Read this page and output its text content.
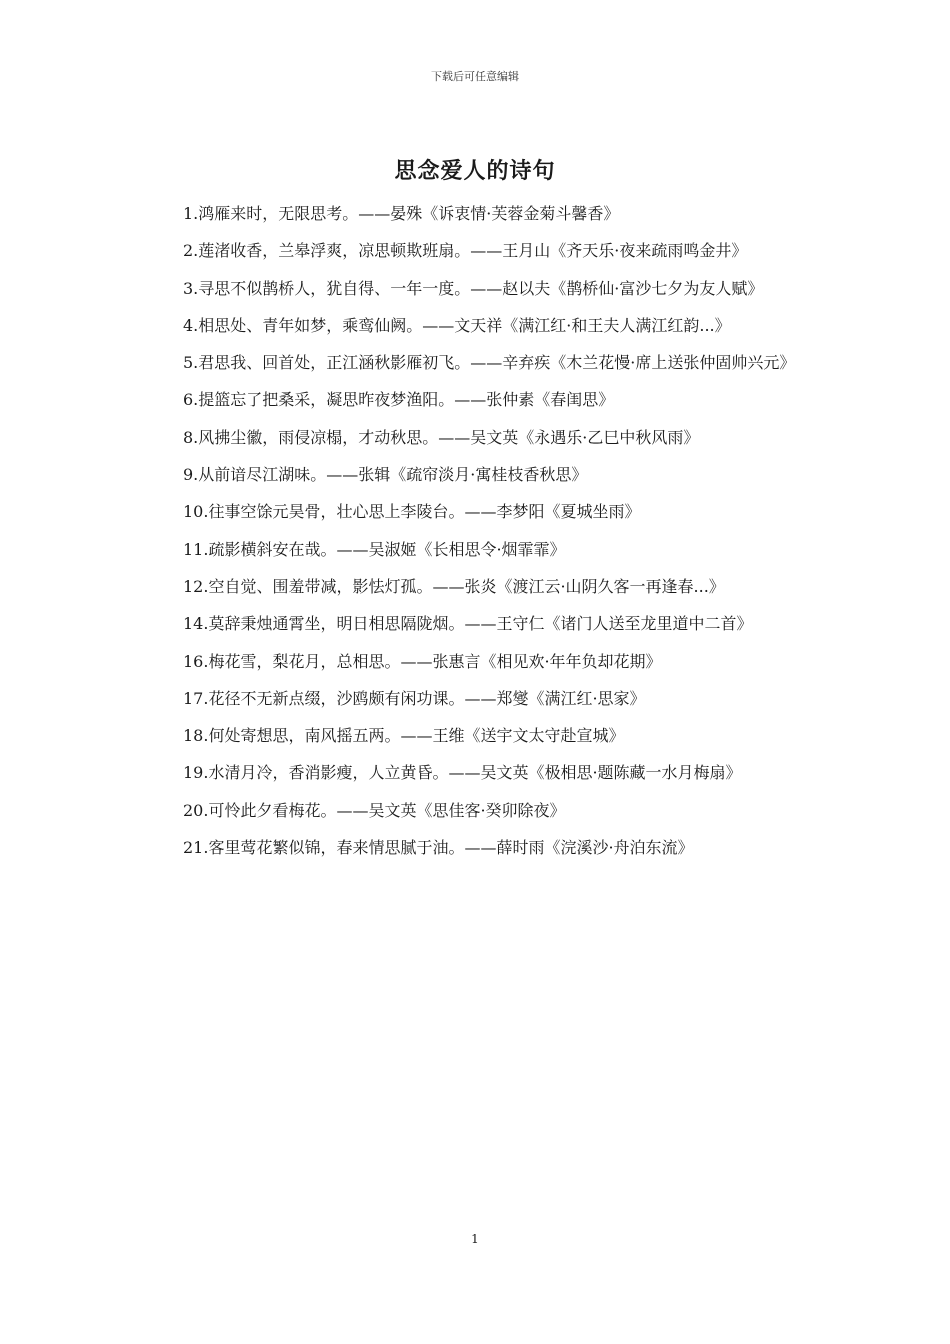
下载后可任意编辑
思念爱人的诗句

1.鸿雁来时，无限思考。——晏殊《诉衷情·芙蓉金菊斗馨香》

2.莲渚收香，兰皋浮爽，凉思顿欺班扇。——王月山《齐天乐·夜来疏雨鸣金井》

3.寻思不似鹊桥人，犹自得、一年一度。——赵以夫《鹊桥仙·富沙七夕为友人赋》

4.相思处、青年如梦，乘鸾仙阙。——文天祥《满江红·和王夫人满江红韵...》

5.君思我、回首处，正江涵秋影雁初飞。——辛弃疾《木兰花慢·席上送张仲固帅兴元》

6.提篮忘了把桑采，凝思昨夜梦渔阳。——张仲素《春闺思》

8.风拂尘徽，雨侵凉榻，才动秋思。——吴文英《永遇乐·乙巳中秋风雨》

9.从前谙尽江湖味。——张辑《疏帘淡月·寓桂枝香秋思》

10.往事空馀元昊骨，壮心思上李陵台。——李梦阳《夏城坐雨》

11.疏影横斜安在哉。——吴淑姬《长相思令·烟霏霏》

12.空自觉、围羞带减，影怯灯孤。——张炎《渡江云·山阴久客一再逢春...》

14.莫辞秉烛通霄坐，明日相思隔陇烟。——王守仁《诸门人送至龙里道中二首》

16.梅花雪，梨花月，总相思。——张惠言《相见欢·年年负却花期》

17.花径不无新点缀，沙鸥颇有闲功课。——郑燮《满江红·思家》

18.何处寄想思，南风摇五两。——王维《送宇文太守赴宣城》

19.水清月冷，香消影瘦，人立黄昏。——吴文英《极相思·题陈藏一水月梅扇》

20.可怜此夕看梅花。——吴文英《思佳客·癸卯除夜》

21.客里莺花繁似锦，春来情思腻于油。——薛时雨《浣溪沙·舟泊东流》

1
